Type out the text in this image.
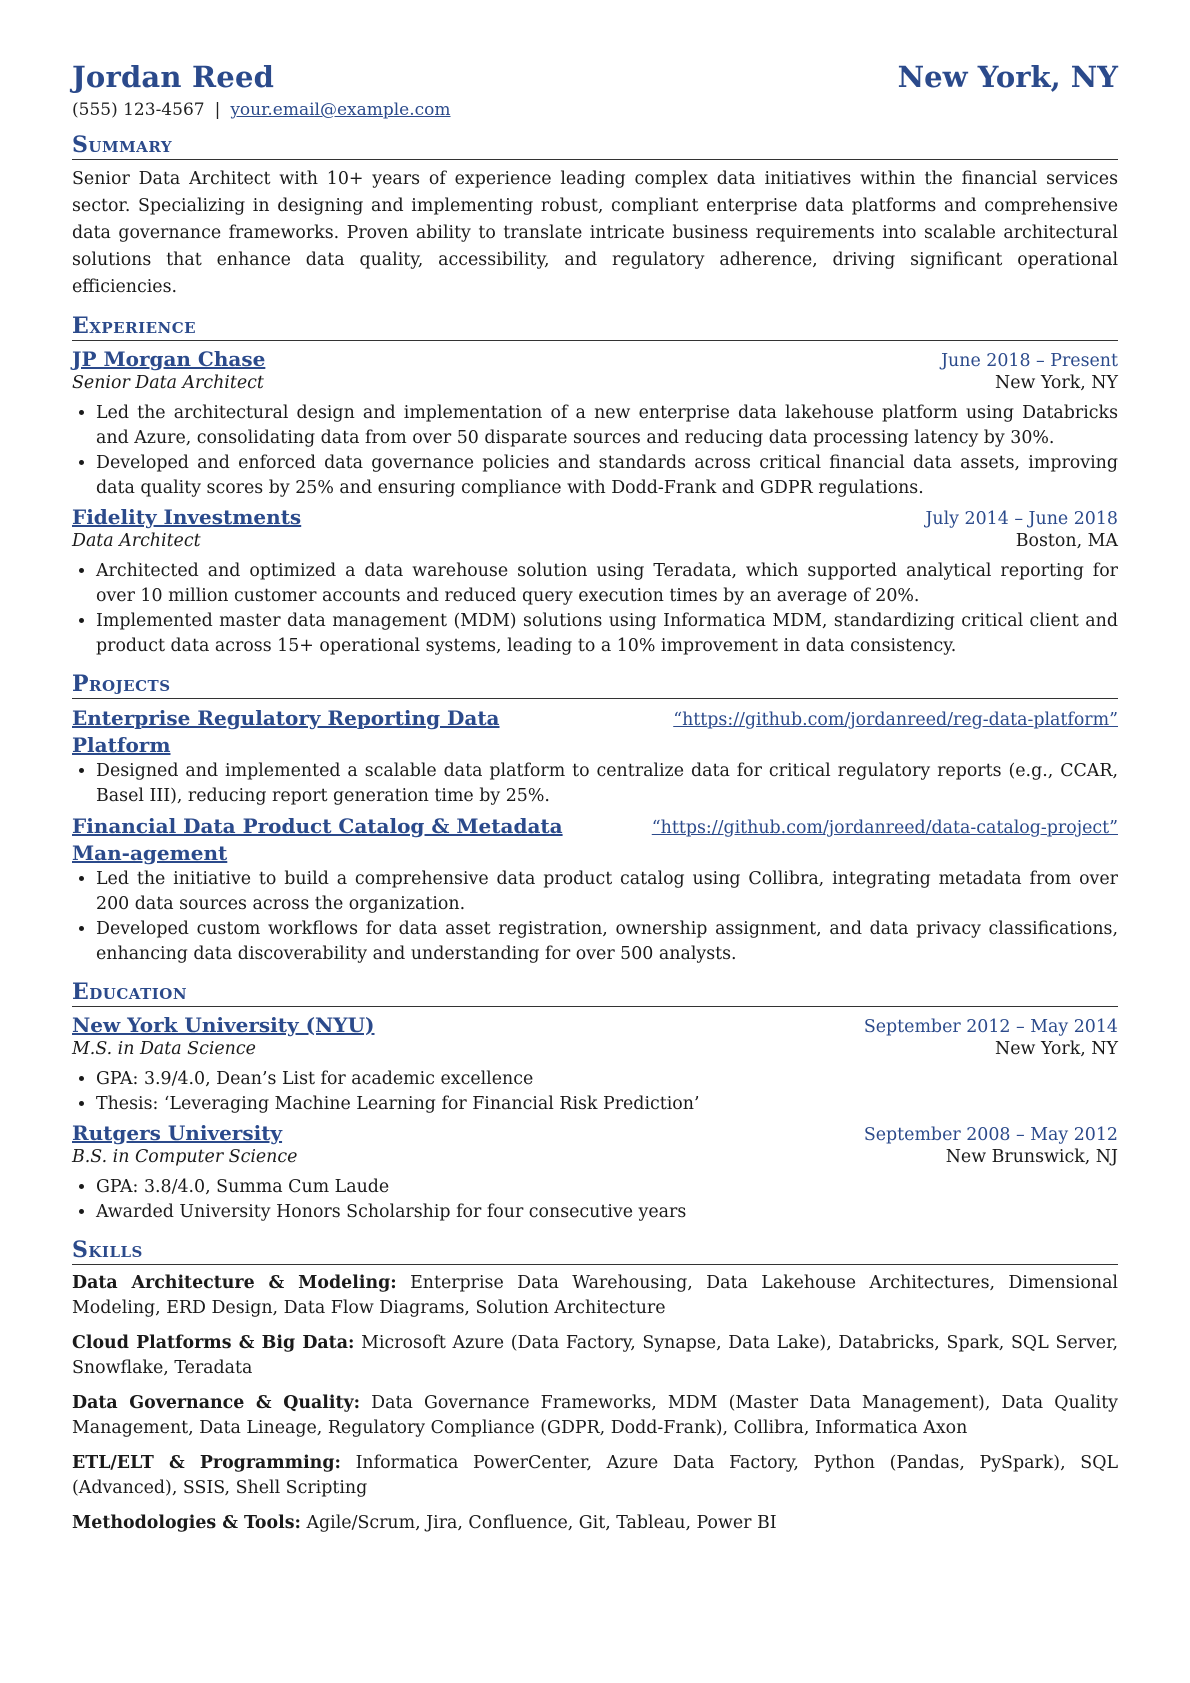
Jordan Reed	New York, NY
(555) 123-4567 | your.email@example.com
Summary

Senior Data Architect with 10+ years of experience leading complex data initiatives within the financial services sector. Specializing in designing and implementing robust, compliant enterprise data platforms and comprehensive data governance frameworks. Proven ability to translate intricate business requirements into scalable architectural solutions that enhance data quality, accessibility, and regulatory adherence, driving significant operational efficiencies.

Experience
JP Morgan Chase	June 2018 – Present
Senior Data Architect	New York, NY
• Led the architectural design and implementation of a new enterprise data lakehouse platform using Databricks and Azure, consolidating data from over 50 disparate sources and reducing data processing latency by 30%.
• Developed and enforced data governance policies and standards across critical financial data assets, improving data quality scores by 25% and ensuring compliance with Dodd-Frank and GDPR regulations.
Fidelity Investments	July 2014 – June 2018
Data Architect	Boston, MA
• Architected and optimized a data warehouse solution using Teradata, which supported analytical reporting for over 10 million customer accounts and reduced query execution times by an average of 20%.
• Implemented master data management (MDM) solutions using Informatica MDM, standardizing critical client and product data across 15+ operational systems, leading to a 10% improvement in data consistency.
Projects
Enterprise Regulatory Reporting Data Platform
“https://github.com/jordanreed/reg-data-platform”
• Designed and implemented a scalable data platform to centralize data for critical regulatory reports (e.g., CCAR, Basel III), reducing report generation time by 25%.
Financial Data Product Catalog & Metadata Man-agement
“https://github.com/jordanreed/data-catalog-project”
• Led the initiative to build a comprehensive data product catalog using Collibra, integrating metadata from over 200 data sources across the organization.
• Developed custom workflows for data asset registration, ownership assignment, and data privacy classifications, enhancing data discoverability and understanding for over 500 analysts.
Education
New York University (NYU)	September 2012 – May 2014
M.S. in Data Science	New York, NY
• GPA: 3.9/4.0, Dean’s List for academic excellence
• Thesis: ‘Leveraging Machine Learning for Financial Risk Prediction’
Rutgers University	September 2008 – May 2012
B.S. in Computer Science	New Brunswick, NJ
• GPA: 3.8/4.0, Summa Cum Laude
• Awarded University Honors Scholarship for four consecutive years
Skills

Data Architecture & Modeling: Enterprise Data Warehousing, Data Lakehouse Architectures, Dimensional Modeling, ERD Design, Data Flow Diagrams, Solution Architecture

Cloud Platforms & Big Data: Microsoft Azure (Data Factory, Synapse, Data Lake), Databricks, Spark, SQL Server, Snowflake, Teradata

Data Governance & Quality: Data Governance Frameworks, MDM (Master Data Management), Data Quality Management, Data Lineage, Regulatory Compliance (GDPR, Dodd-Frank), Collibra, Informatica Axon

ETL/ELT & Programming: Informatica PowerCenter, Azure Data Factory, Python (Pandas, PySpark), SQL (Advanced), SSIS, Shell Scripting

Methodologies & Tools: Agile/Scrum, Jira, Confluence, Git, Tableau, Power BI
